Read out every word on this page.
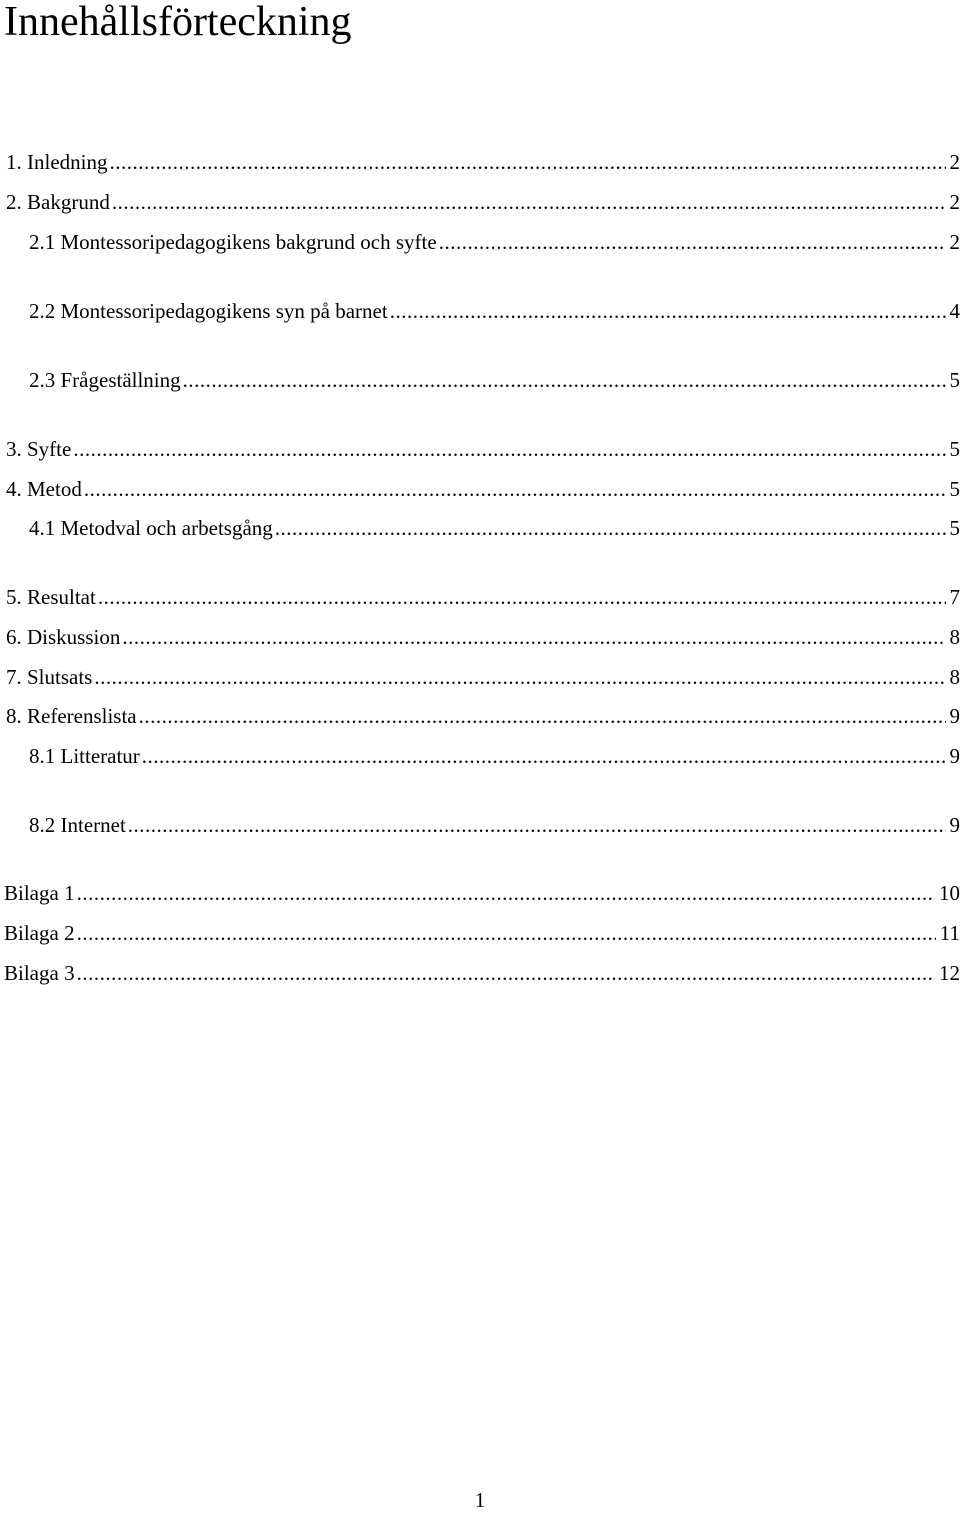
Innehållsförteckning
1. Inledning .....	2
2. Bakgrund .....	2
2.1 Montessoripedagogikens bakgrund och syfte .....	2
2.2 Montessoripedagogikens syn på barnet .....	4
2.3 Frågeställning .....	5
3. Syfte .....	5
4. Metod .....	5
4.1 Metodval och arbetsgång .....	5
5. Resultat .....	7
6. Diskussion .....	8
7. Slutsats .....	8
8. Referenslista .....	9
8.1 Litteratur .....	9
8.2 Internet .....	9
Bilaga 1 .....	10
Bilaga 2 .....	11
Bilaga 3 .....	12
1
